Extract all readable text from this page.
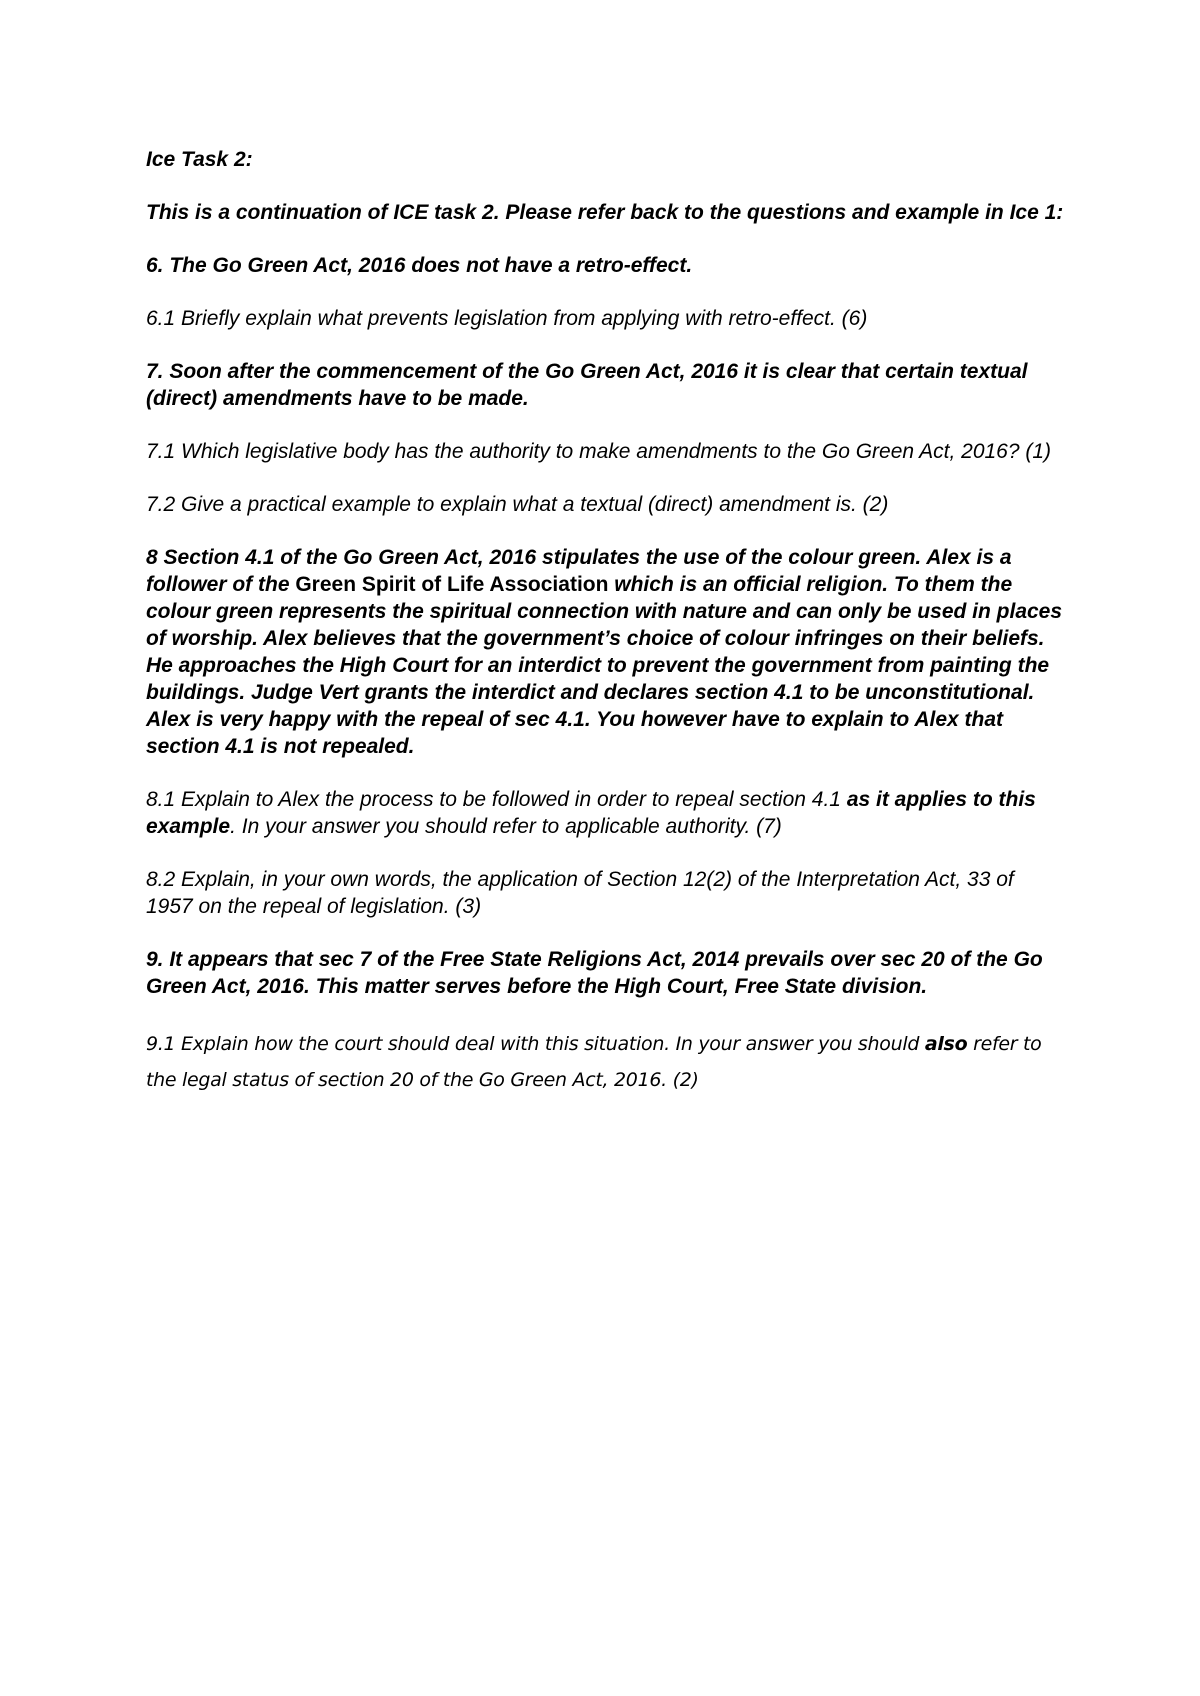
Ice Task 2:

This is a continuation of ICE task 2. Please refer back to the questions and example in Ice 1:

6. The Go Green Act, 2016 does not have a retro-effect.

6.1 Briefly explain what prevents legislation from applying with retro-effect. (6)

7. Soon after the commencement of the Go Green Act, 2016 it is clear that certain textual (direct) amendments have to be made.

7.1 Which legislative body has the authority to make amendments to the Go Green Act, 2016? (1)

7.2 Give a practical example to explain what a textual (direct) amendment is. (2)

8 Section 4.1 of the Go Green Act, 2016 stipulates the use of the colour green. Alex is a follower of the Green Spirit of Life Association which is an official religion. To them the colour green represents the spiritual connection with nature and can only be used in places of worship. Alex believes that the government’s choice of colour infringes on their beliefs. He approaches the High Court for an interdict to prevent the government from painting the buildings. Judge Vert grants the interdict and declares section 4.1 to be unconstitutional. Alex is very happy with the repeal of sec 4.1. You however have to explain to Alex that section 4.1 is not repealed.

8.1 Explain to Alex the process to be followed in order to repeal section 4.1 as it applies to this example. In your answer you should refer to applicable authority. (7)

8.2 Explain, in your own words, the application of Section 12(2) of the Interpretation Act, 33 of 1957 on the repeal of legislation. (3)

9. It appears that sec 7 of the Free State Religions Act, 2014 prevails over sec 20 of the Go Green Act, 2016. This matter serves before the High Court, Free State division.

9.1 Explain how the court should deal with this situation. In your answer you should also refer to the legal status of section 20 of the Go Green Act, 2016. (2)
